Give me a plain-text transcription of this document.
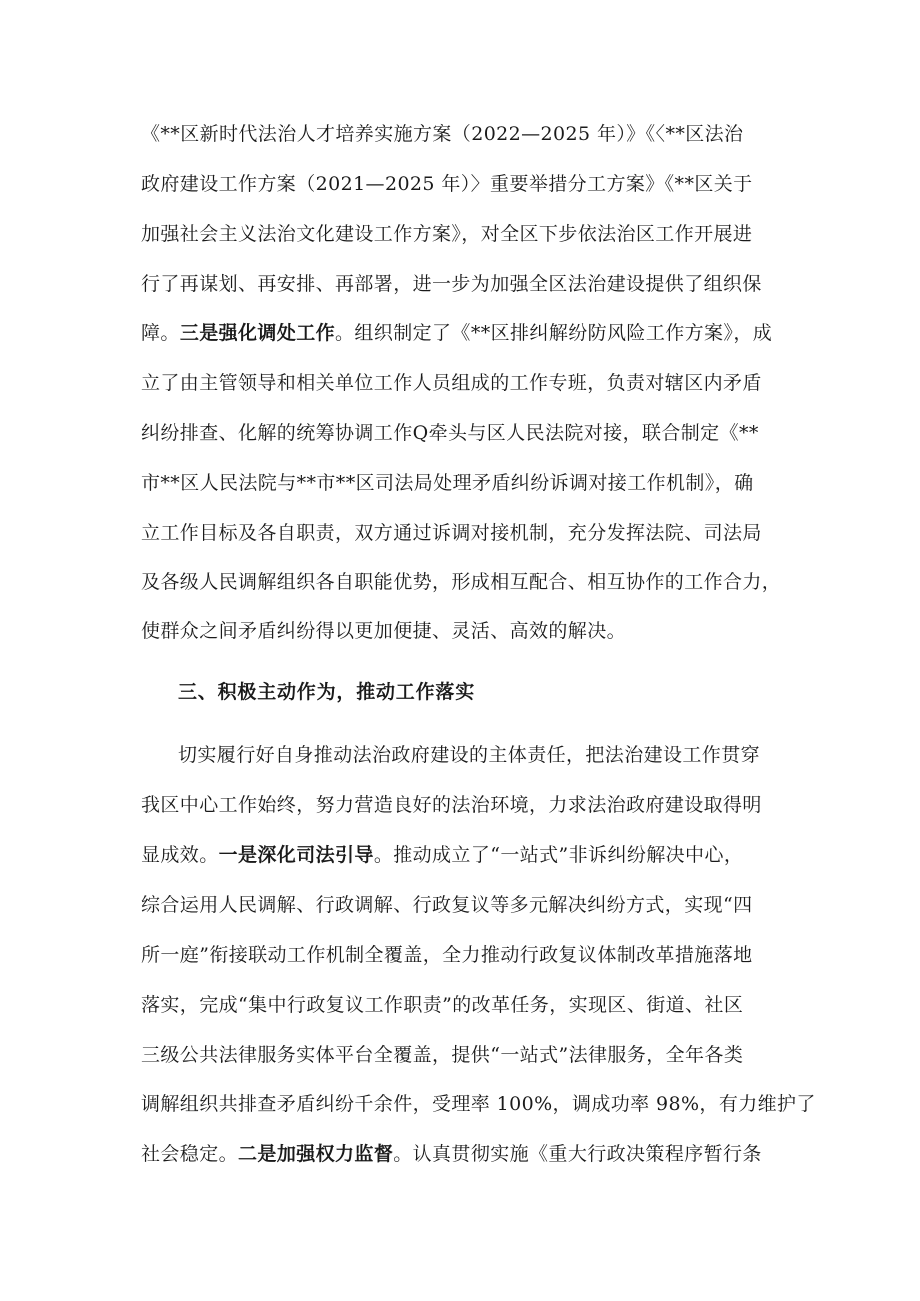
《**区新时代法治人才培养实施方案（2022—2025 年）》《〈**区法治
政府建设工作方案（2021—2025 年）〉重要举措分工方案》《**区关于
加强社会主义法治文化建设工作方案》，对全区下步依法治区工作开展进
行了再谋划、再安排、再部署，进一步为加强全区法治建设提供了组织保
障。三是强化调处工作。组织制定了《**区排纠解纷防风险工作方案》，成
立了由主管领导和相关单位工作人员组成的工作专班，负责对辖区内矛盾
纠纷排查、化解的统筹协调工作Q牵头与区人民法院对接，联合制定《**
市**区人民法院与**市**区司法局处理矛盾纠纷诉调对接工作机制》，确
立工作目标及各自职责，双方通过诉调对接机制，充分发挥法院、司法局
及各级人民调解组织各自职能优势，形成相互配合、相互协作的工作合力，
使群众之间矛盾纠纷得以更加便捷、灵活、高效的解决。
三、积极主动作为，推动工作落实
切实履行好自身推动法治政府建设的主体责任，把法治建设工作贯穿
我区中心工作始终，努力营造良好的法治环境，力求法治政府建设取得明
显成效。一是深化司法引导。推动成立了“一站式”非诉纠纷解决中心，
综合运用人民调解、行政调解、行政复议等多元解决纠纷方式，实现“四
所一庭”衔接联动工作机制全覆盖，全力推动行政复议体制改革措施落地
落实，完成“集中行政复议工作职责”的改革任务，实现区、街道、社区
三级公共法律服务实体平台全覆盖，提供“一站式”法律服务，全年各类
调解组织共排查矛盾纠纷千余件，受理率 100%，调成功率 98%，有力维护了
社会稳定。二是加强权力监督。认真贯彻实施《重大行政决策程序暂行条
